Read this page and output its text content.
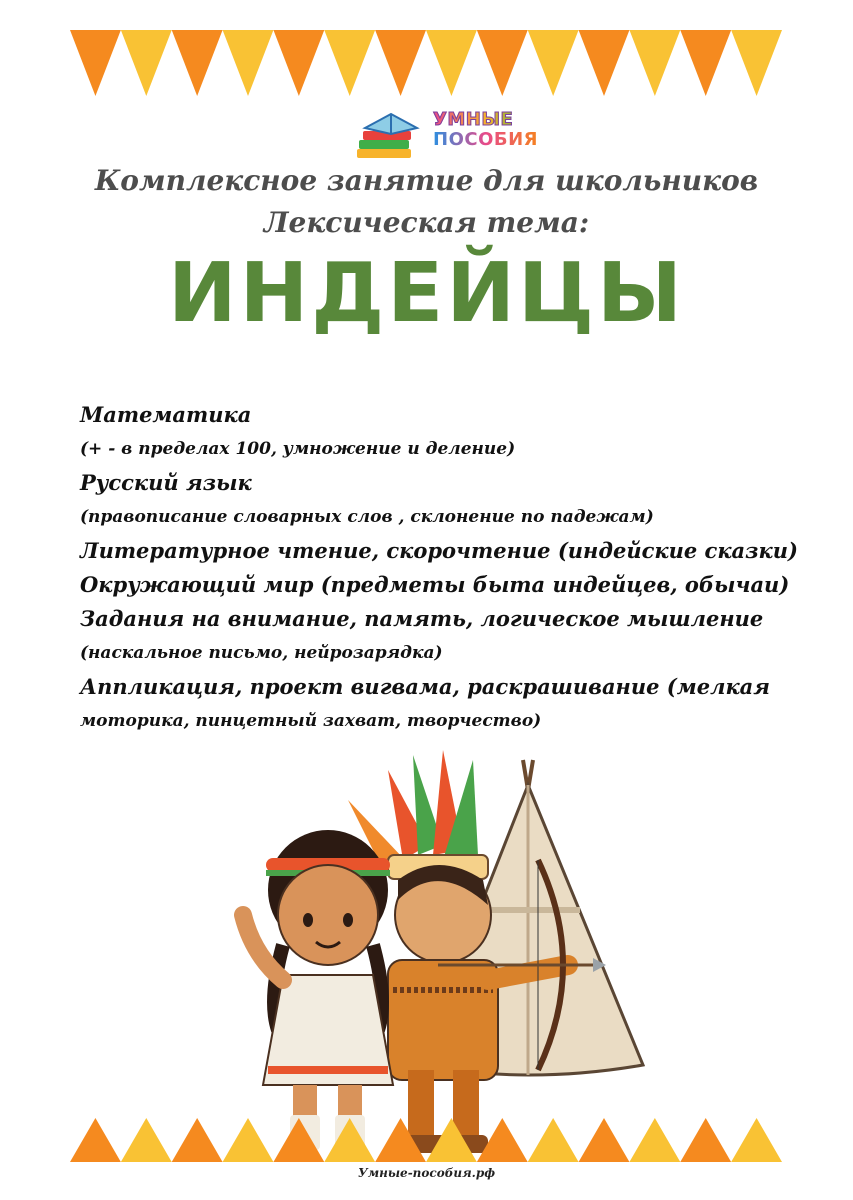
УМНЫЕ
ПОСОБИЯ
Комплексное занятие для школьников
Лексическая тема:
ИНДЕЙЦЫ

Математика

(+ - в пределах 100, умножение и деление)

Русский язык

(правописание словарных слов , склонение по падежам)

Литературное чтение, скорочтение (индейские сказки)

Окружающий мир (предметы быта индейцев, обычаи)

Задания на внимание, память, логическое мышление

(наскальное письмо, нейрозарядка)

Аппликация, проект вигвама, раскрашивание (мелкая

моторика, пинцетный захват, творчество)

Умные-пособия.рф
